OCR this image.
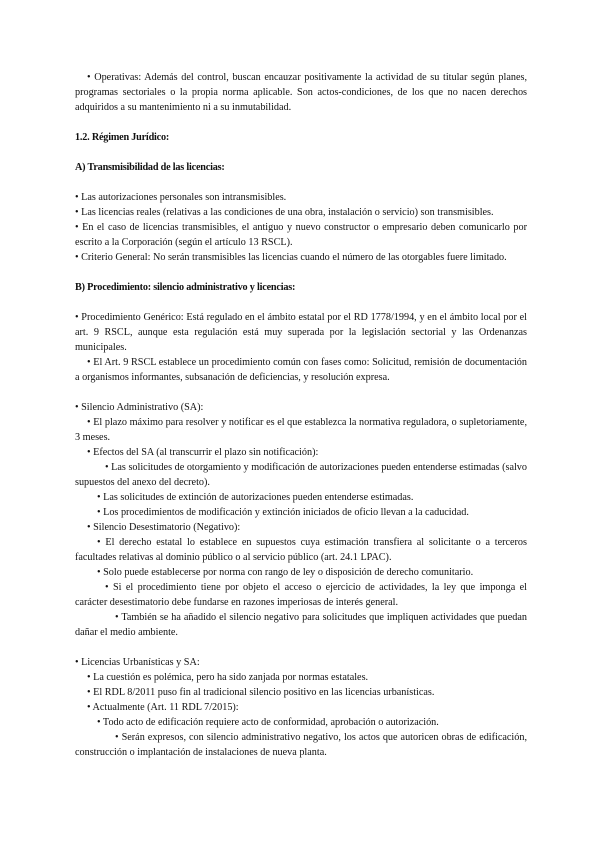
• Operativas: Además del control, buscan encauzar positivamente la actividad de su titular según planes, programas sectoriales o la propia norma aplicable. Son actos-condiciones, de los que no nacen derechos adquiridos a su mantenimiento ni a su inmutabilidad.

1.2. Régimen Jurídico:

A) Transmisibilidad de las licencias:

• Las autorizaciones personales son intransmisibles.

• Las licencias reales (relativas a las condiciones de una obra, instalación o servicio) son transmisibles.

• En el caso de licencias transmisibles, el antiguo y nuevo constructor o empresario deben comunicarlo por escrito a la Corporación (según el artículo 13 RSCL).

• Criterio General: No serán transmisibles las licencias cuando el número de las otorgables fuere limitado.

B) Procedimiento: silencio administrativo y licencias:

• Procedimiento Genérico: Está regulado en el ámbito estatal por el RD 1778/1994, y en el ámbito local por el art. 9 RSCL, aunque esta regulación está muy superada por la legislación sectorial y las Ordenanzas municipales.

• El Art. 9 RSCL establece un procedimiento común con fases como: Solicitud, remisión de documentación a organismos informantes, subsanación de deficiencias, y resolución expresa.

• Silencio Administrativo (SA):

• El plazo máximo para resolver y notificar es el que establezca la normativa reguladora, o supletoriamente, 3 meses.

• Efectos del SA (al transcurrir el plazo sin notificación):

• Las solicitudes de otorgamiento y modificación de autorizaciones pueden entenderse estimadas (salvo supuestos del anexo del decreto).

• Las solicitudes de extinción de autorizaciones pueden entenderse estimadas.

• Los procedimientos de modificación y extinción iniciados de oficio llevan a la caducidad.

• Silencio Desestimatorio (Negativo):

• El derecho estatal lo establece en supuestos cuya estimación transfiera al solicitante o a terceros facultades relativas al dominio público o al servicio público (art. 24.1 LPAC).

• Solo puede establecerse por norma con rango de ley o disposición de derecho comunitario.

• Si el procedimiento tiene por objeto el acceso o ejercicio de actividades, la ley que imponga el carácter desestimatorio debe fundarse en razones imperiosas de interés general.

• También se ha añadido el silencio negativo para solicitudes que impliquen actividades que puedan dañar el medio ambiente.

• Licencias Urbanísticas y SA:

• La cuestión es polémica, pero ha sido zanjada por normas estatales.

• El RDL 8/2011 puso fin al tradicional silencio positivo en las licencias urbanísticas.

• Actualmente (Art. 11 RDL 7/2015):

• Todo acto de edificación requiere acto de conformidad, aprobación o autorización.

• Serán expresos, con silencio administrativo negativo, los actos que autoricen obras de edificación, construcción o implantación de instalaciones de nueva planta.
